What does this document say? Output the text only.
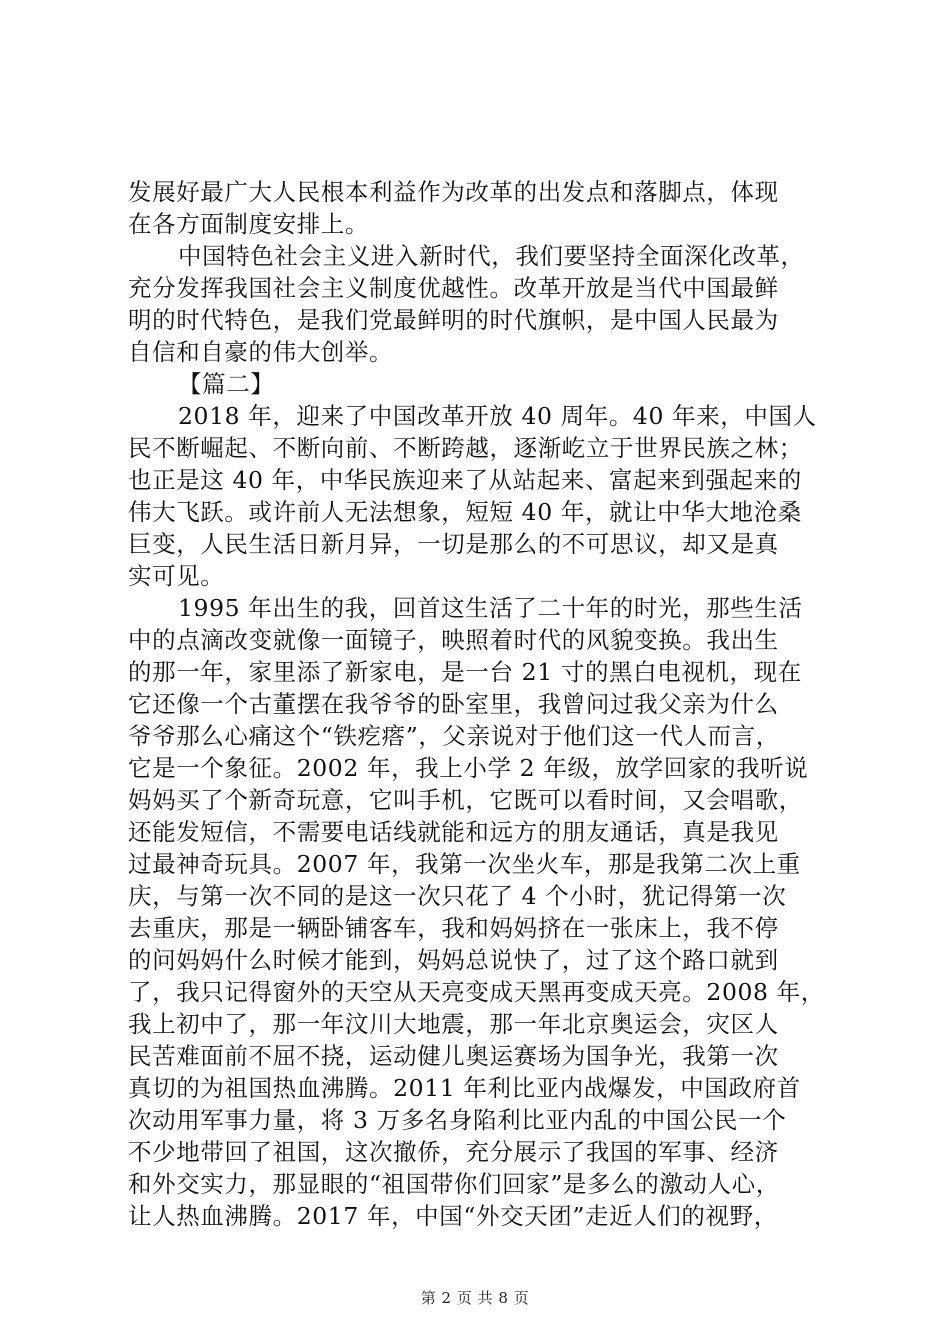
发展好最广大人民根本利益作为改革的出发点和落脚点，体现
在各方面制度安排上。
中国特色社会主义进入新时代，我们要坚持全面深化改革，
充分发挥我国社会主义制度优越性。改革开放是当代中国最鲜
明的时代特色，是我们党最鲜明的时代旗帜，是中国人民最为
自信和自豪的伟大创举。
【篇二】
2018 年，迎来了中国改革开放 40 周年。40 年来，中国人
民不断崛起、不断向前、不断跨越，逐渐屹立于世界民族之林；
也正是这 40 年，中华民族迎来了从站起来、富起来到强起来的
伟大飞跃。或许前人无法想象，短短 40 年，就让中华大地沧桑
巨变，人民生活日新月异，一切是那么的不可思议，却又是真
实可见。
1995 年出生的我，回首这生活了二十年的时光，那些生活
中的点滴改变就像一面镜子，映照着时代的风貌变换。我出生
的那一年，家里添了新家电，是一台 21 寸的黑白电视机，现在
它还像一个古董摆在我爷爷的卧室里，我曾问过我父亲为什么
爷爷那么心痛这个“铁疙瘩”，父亲说对于他们这一代人而言，
它是一个象征。2002 年，我上小学 2 年级，放学回家的我听说
妈妈买了个新奇玩意，它叫手机，它既可以看时间，又会唱歌，
还能发短信，不需要电话线就能和远方的朋友通话，真是我见
过最神奇玩具。2007 年，我第一次坐火车，那是我第二次上重
庆，与第一次不同的是这一次只花了 4 个小时，犹记得第一次
去重庆，那是一辆卧铺客车，我和妈妈挤在一张床上，我不停
的问妈妈什么时候才能到，妈妈总说快了，过了这个路口就到
了，我只记得窗外的天空从天亮变成天黑再变成天亮。2008 年，
我上初中了，那一年汶川大地震，那一年北京奥运会，灾区人
民苦难面前不屈不挠，运动健儿奥运赛场为国争光，我第一次
真切的为祖国热血沸腾。2011 年利比亚内战爆发，中国政府首
次动用军事力量，将 3 万多名身陷利比亚内乱的中国公民一个
不少地带回了祖国，这次撤侨，充分展示了我国的军事、经济
和外交实力，那显眼的“祖国带你们回家”是多么的激动人心，
让人热血沸腾。2017 年，中国“外交天团”走近人们的视野，
第 2 页 共 8 页
